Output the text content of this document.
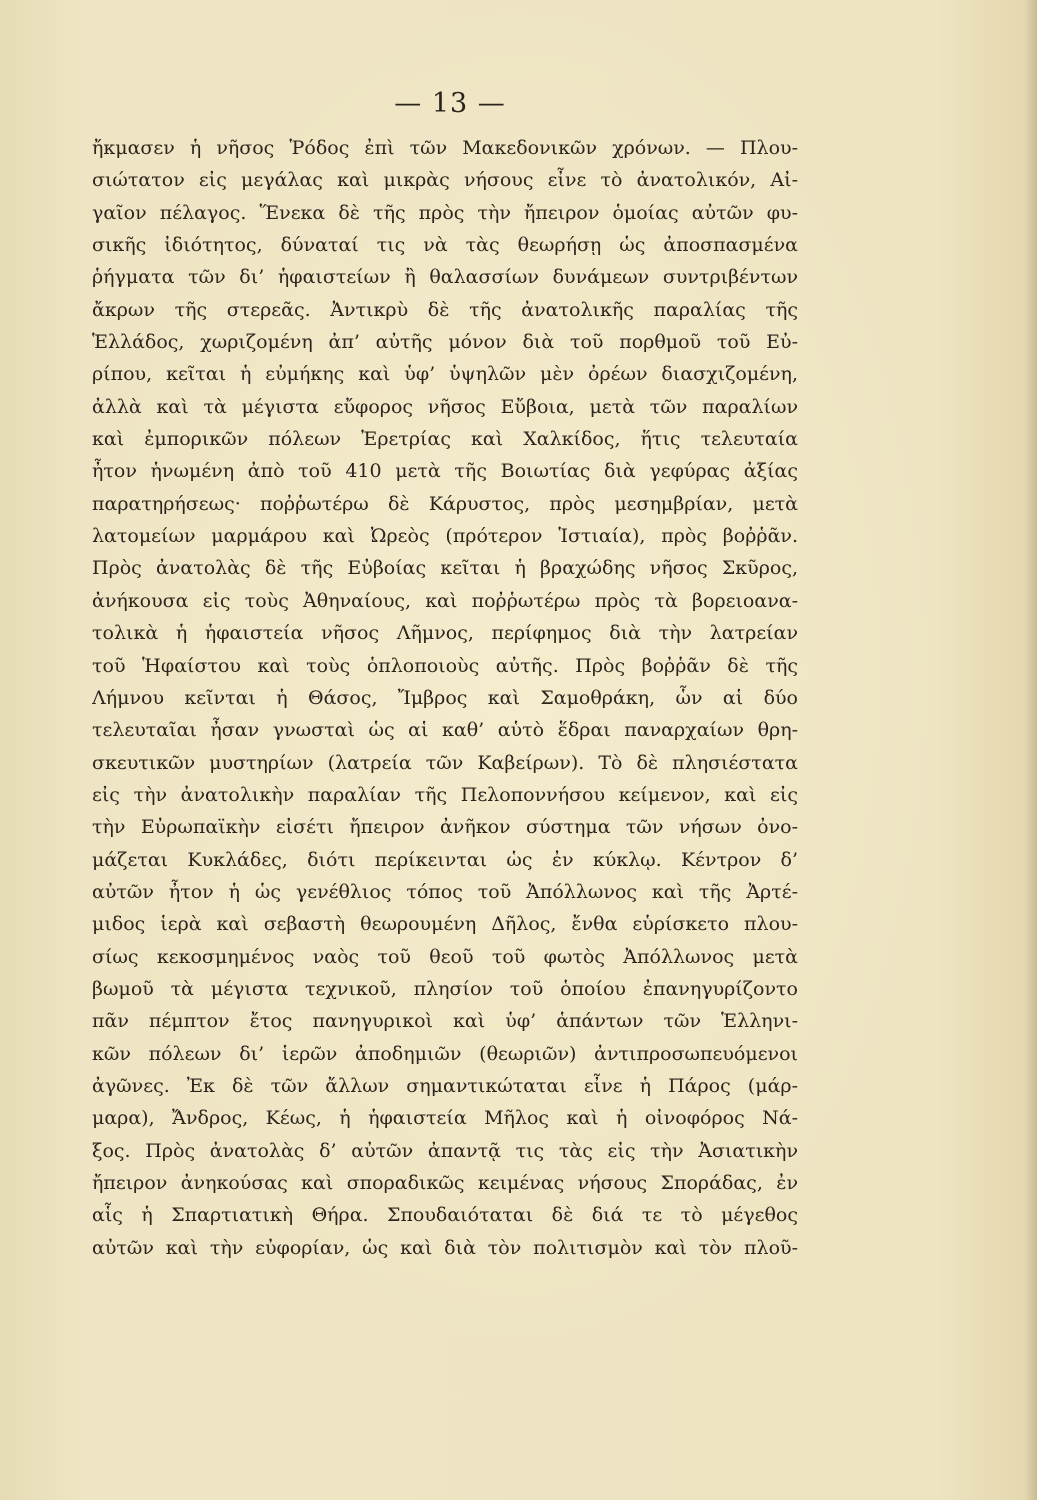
— 13 —
ἤκμασεν ἡ νῆσος Ῥόδος ἐπὶ τῶν Μακεδονικῶν χρόνων. — Πλου-
σιώτατον εἰς μεγάλας καὶ μικρὰς νήσους εἶνε τὸ ἀνατολικόν, Αἰ-
γαῖον πέλαγος. Ἕνεκα δὲ τῆς πρὸς τὴν ἤπειρον ὁμοίας αὐτῶν φυ-
σικῆς ἰδιότητος, δύναταί τις νὰ τὰς θεωρήσῃ ὡς ἀποσπασμένα
ῥήγματα τῶν δι’ ἡφαιστείων ἢ θαλασσίων δυνάμεων συντριβέντων
ἄκρων τῆς στερεᾶς. Ἀντικρὺ δὲ τῆς ἀνατολικῆς παραλίας τῆς
Ἑλλάδος, χωριζομένη ἀπ’ αὐτῆς μόνον διὰ τοῦ πορθμοῦ τοῦ Εὐ-
ρίπου, κεῖται ἡ εὐμήκης καὶ ὑφ’ ὑψηλῶν μὲν ὀρέων διασχιζομένη,
ἀλλὰ καὶ τὰ μέγιστα εὔφορος νῆσος Εὔβοια, μετὰ τῶν παραλίων
καὶ ἐμπορικῶν πόλεων Ἐρετρίας καὶ Χαλκίδος, ἥτις τελευταία
ἦτον ἡνωμένη ἀπὸ τοῦ 410 μετὰ τῆς Βοιωτίας διὰ γεφύρας ἀξίας
παρατηρήσεως· ποῤῥωτέρω δὲ Κάρυστος, πρὸς μεσημβρίαν, μετὰ
λατομείων μαρμάρου καὶ Ὠρεὸς (πρότερον Ἱστιαία), πρὸς βοῤῥᾶν.
Πρὸς ἀνατολὰς δὲ τῆς Εὐβοίας κεῖται ἡ βραχώδης νῆσος Σκῦρος,
ἀνήκουσα εἰς τοὺς Ἀθηναίους, καὶ ποῤῥωτέρω πρὸς τὰ βορειοανα-
τολικὰ ἡ ἡφαιστεία νῆσος Λῆμνος, περίφημος διὰ τὴν λατρείαν
τοῦ Ἡφαίστου καὶ τοὺς ὁπλοποιοὺς αὐτῆς. Πρὸς βοῤῥᾶν δὲ τῆς
Λήμνου κεῖνται ἡ Θάσος, Ἴμβρος καὶ Σαμοθράκη, ὧν αἱ δύο
τελευταῖαι ἦσαν γνωσταὶ ὡς αἱ καθ’ αὑτὸ ἕδραι παναρχαίων θρη-
σκευτικῶν μυστηρίων (λατρεία τῶν Καβείρων). Τὸ δὲ πλησιέστατα
εἰς τὴν ἀνατολικὴν παραλίαν τῆς Πελοποννήσου κείμενον, καὶ εἰς
τὴν Εὐρωπαϊκὴν εἰσέτι ἤπειρον ἀνῆκον σύστημα τῶν νήσων ὀνο-
μάζεται Κυκλάδες, διότι περίκεινται ὡς ἐν κύκλῳ. Κέντρον δ’
αὐτῶν ἦτον ἡ ὡς γενέθλιος τόπος τοῦ Ἀπόλλωνος καὶ τῆς Ἀρτέ-
μιδος ἱερὰ καὶ σεβαστὴ θεωρουμένη Δῆλος, ἔνθα εὑρίσκετο πλου-
σίως κεκοσμημένος ναὸς τοῦ θεοῦ τοῦ φωτὸς Ἀπόλλωνος μετὰ
βωμοῦ τὰ μέγιστα τεχνικοῦ, πλησίον τοῦ ὁποίου ἐπανηγυρίζοντο
πᾶν πέμπτον ἔτος πανηγυρικοὶ καὶ ὑφ’ ἁπάντων τῶν Ἑλληνι-
κῶν πόλεων δι’ ἱερῶν ἀποδημιῶν (θεωριῶν) ἀντιπροσωπευόμενοι
ἀγῶνες. Ἐκ δὲ τῶν ἄλλων σημαντικώταται εἶνε ἡ Πάρος (μάρ-
μαρα), Ἄνδρος, Κέως, ἡ ἡφαιστεία Μῆλος καὶ ἡ οἰνοφόρος Νά-
ξος. Πρὸς ἀνατολὰς δ’ αὐτῶν ἀπαντᾷ τις τὰς εἰς τὴν Ἀσιατικὴν
ἤπειρον ἀνηκούσας καὶ σποραδικῶς κειμένας νήσους Σποράδας, ἐν
αἷς ἡ Σπαρτιατικὴ Θήρα. Σπουδαιόταται δὲ διά τε τὸ μέγεθος
αὐτῶν καὶ τὴν εὐφορίαν, ὡς καὶ διὰ τὸν πολιτισμὸν καὶ τὸν πλοῦ-
